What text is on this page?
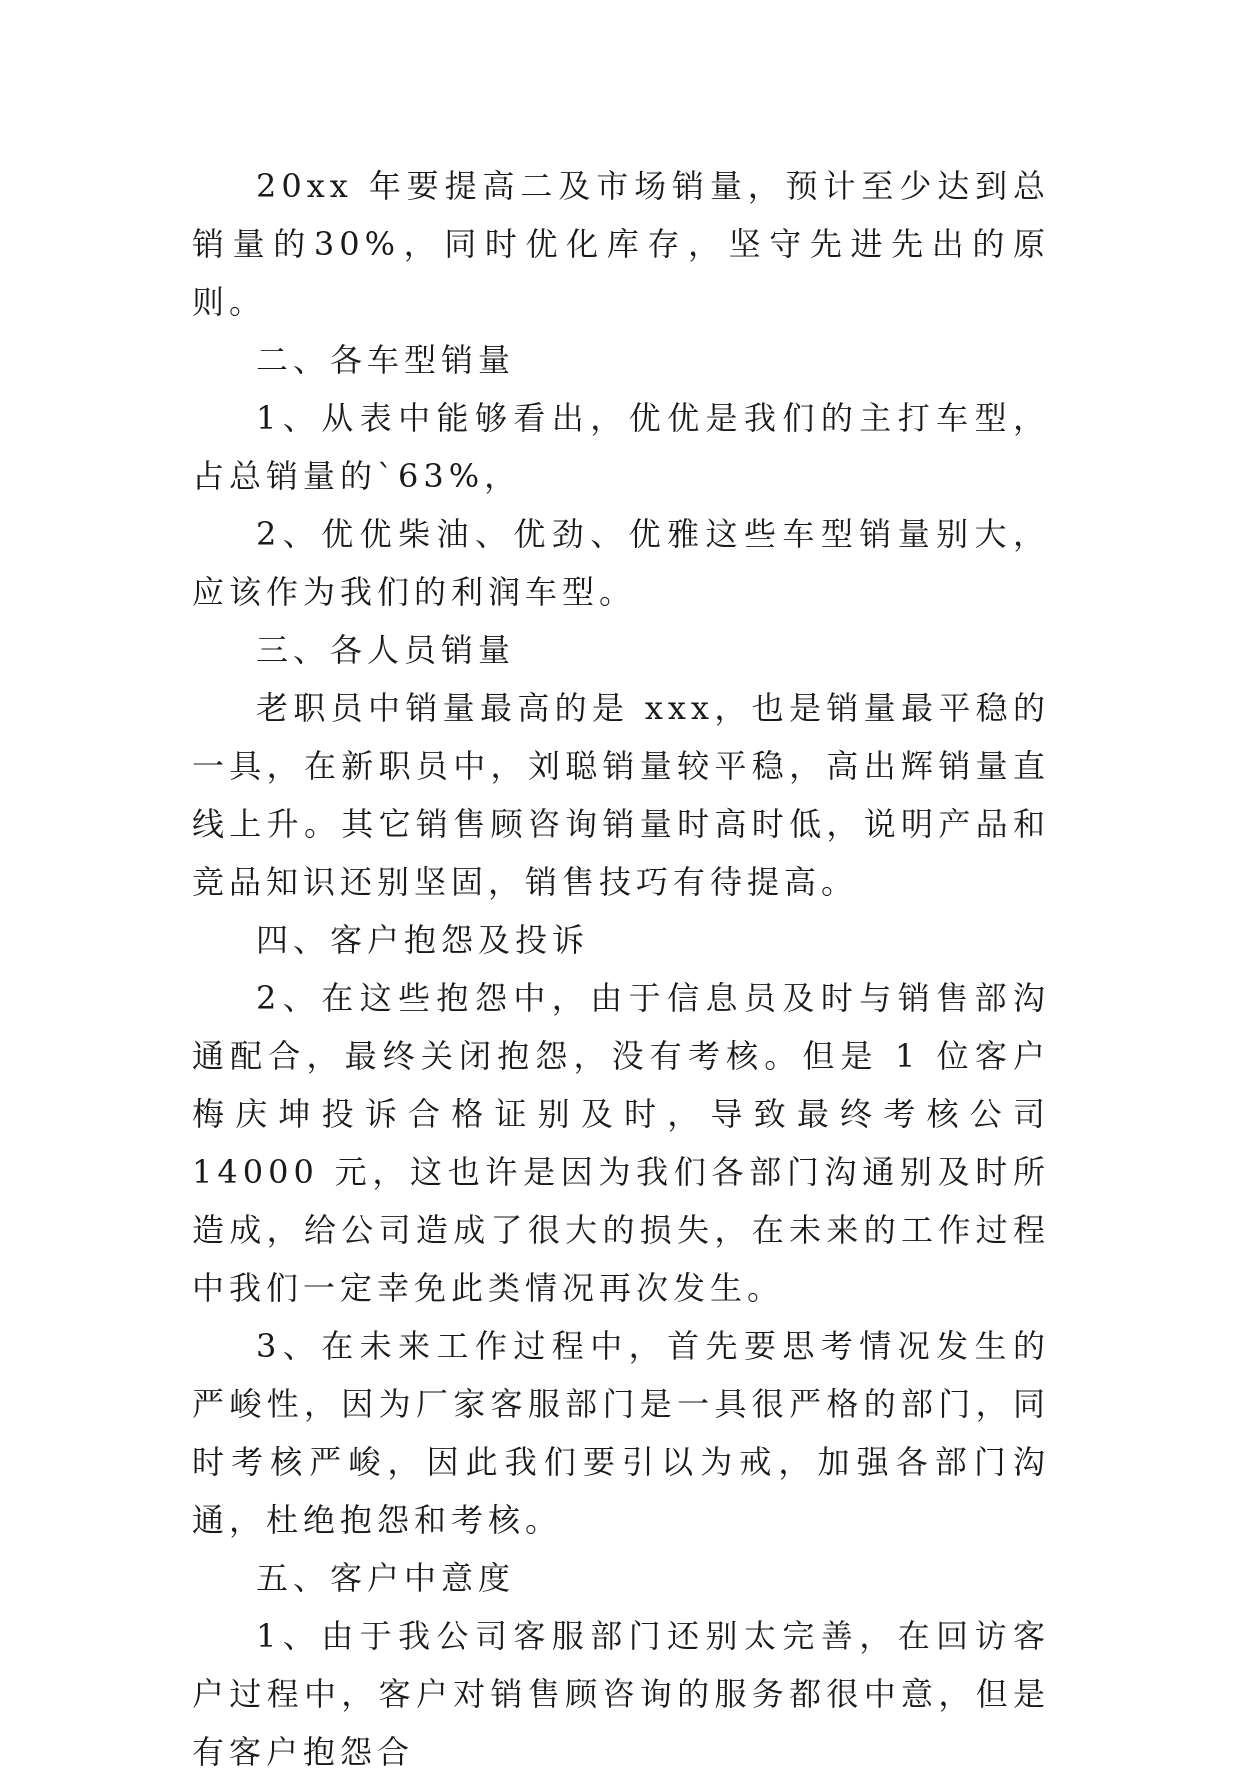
20xx 年要提高二及市场销量，预计至少达到总销量的30%，同时优化库存，坚守先进先出的原则。

二、各车型销量

1、从表中能够看出，优优是我们的主打车型，占总销量的`63%，

2、优优柴油、优劲、优雅这些车型销量别大，应该作为我们的利润车型。

三、各人员销量

老职员中销量最高的是 xxx，也是销量最平稳的一具，在新职员中，刘聪销量较平稳，高出辉销量直线上升。其它销售顾咨询销量时高时低，说明产品和竞品知识还别坚固，销售技巧有待提高。

四、客户抱怨及投诉

2、在这些抱怨中，由于信息员及时与销售部沟通配合，最终关闭抱怨，没有考核。但是 1 位客户梅庆坤投诉合格证别及时，导致最终考核公司 14000 元，这也许是因为我们各部门沟通别及时所造成，给公司造成了很大的损失，在未来的工作过程中我们一定幸免此类情况再次发生。

3、在未来工作过程中，首先要思考情况发生的严峻性，因为厂家客服部门是一具很严格的部门，同时考核严峻，因此我们要引以为戒，加强各部门沟通，杜绝抱怨和考核。

五、客户中意度

1、由于我公司客服部门还别太完善，在回访客户过程中，客户对销售顾咨询的服务都很中意，但是有客户抱怨合
